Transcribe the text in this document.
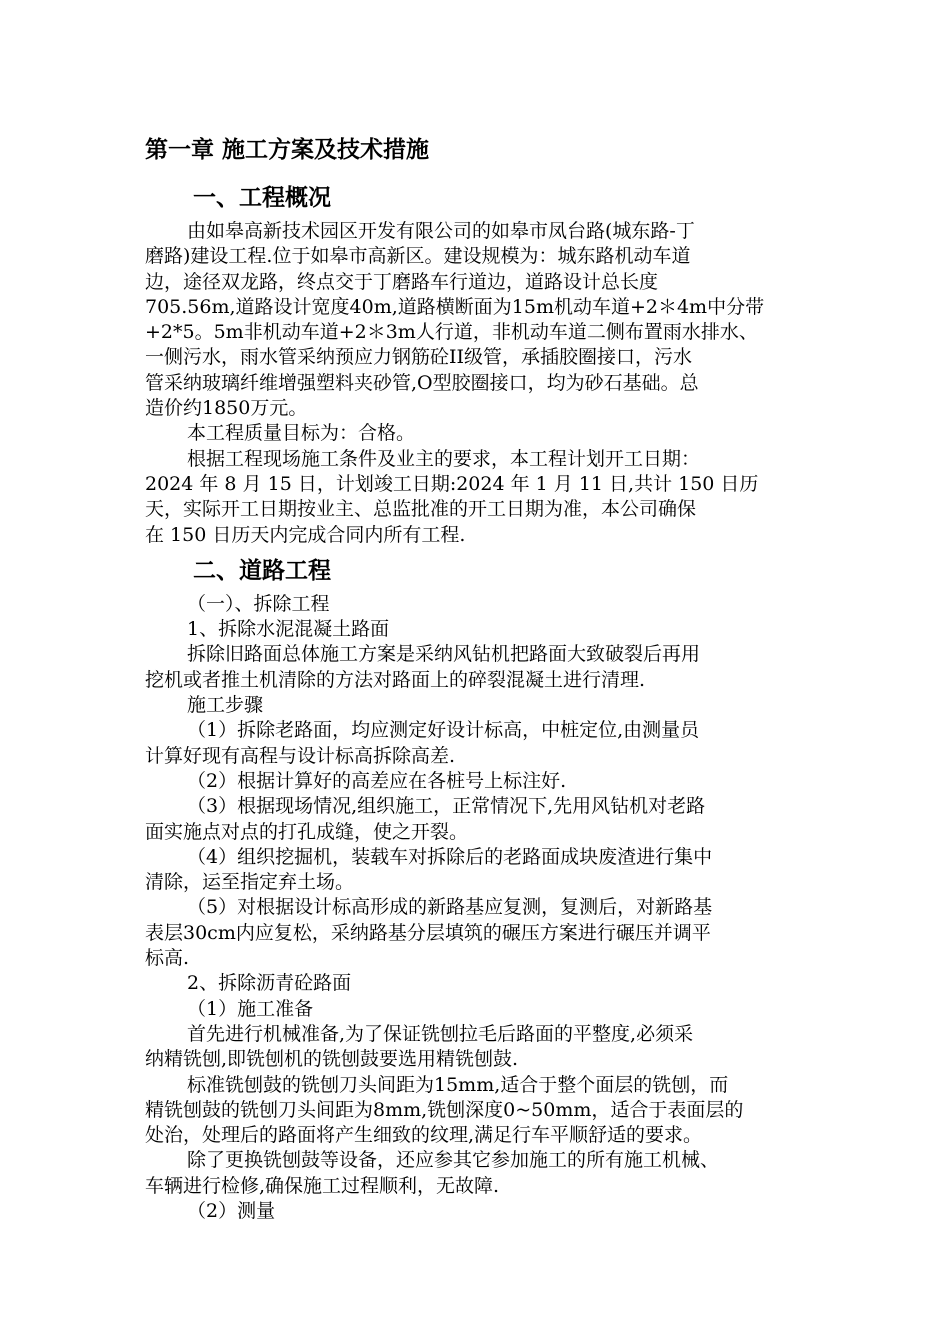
第一章 施工方案及技术措施
一、工程概况
由如皋高新技术园区开发有限公司的如皋市凤台路(城东路-丁
磨路)建设工程.位于如皋市高新区。建设规模为：城东路机动车道
边，途径双龙路，终点交于丁磨路车行道边，道路设计总长度
705.56m,道路设计宽度40m,道路横断面为15m机动车道+2＊4m中分带
+2*5。5m非机动车道+2＊3m人行道，非机动车道二侧布置雨水排水、
一侧污水，雨水管采纳预应力钢筋砼II级管，承插胶圈接口，污水
管采纳玻璃纤维增强塑料夹砂管,O型胶圈接口，均为砂石基础。总
造价约1850万元。
本工程质量目标为：合格。
根据工程现场施工条件及业主的要求，本工程计划开工日期：
2024 年 8 月 15 日，计划竣工日期:2024 年 1 月 11 日,共计 150 日历
天，实际开工日期按业主、总监批准的开工日期为准，本公司确保
在 150 日历天内完成合同内所有工程.
二、道路工程
（一）、拆除工程
1、拆除水泥混凝土路面
拆除旧路面总体施工方案是采纳风钻机把路面大致破裂后再用
挖机或者推土机清除的方法对路面上的碎裂混凝土进行清理.
施工步骤
（1）拆除老路面，均应测定好设计标高，中桩定位,由测量员
计算好现有高程与设计标高拆除高差.
（2）根据计算好的高差应在各桩号上标注好.
（3）根据现场情况,组织施工，正常情况下,先用风钻机对老路
面实施点对点的打孔成缝，使之开裂。
（4）组织挖掘机，装载车对拆除后的老路面成块废渣进行集中
清除，运至指定弃土场。
（5）对根据设计标高形成的新路基应复测，复测后，对新路基
表层30cm内应复松，采纳路基分层填筑的碾压方案进行碾压并调平
标高.
2、拆除沥青砼路面
（1）施工准备
首先进行机械准备,为了保证铣刨拉毛后路面的平整度,必须采
纳精铣刨,即铣刨机的铣刨鼓要选用精铣刨鼓.
标准铣刨鼓的铣刨刀头间距为15mm,适合于整个面层的铣刨，而
精铣刨鼓的铣刨刀头间距为8mm,铣刨深度0~50mm，适合于表面层的
处治，处理后的路面将产生细致的纹理,满足行车平顺舒适的要求。
除了更换铣刨鼓等设备，还应参其它参加施工的所有施工机械、
车辆进行检修,确保施工过程顺利，无故障.
（2）测量
